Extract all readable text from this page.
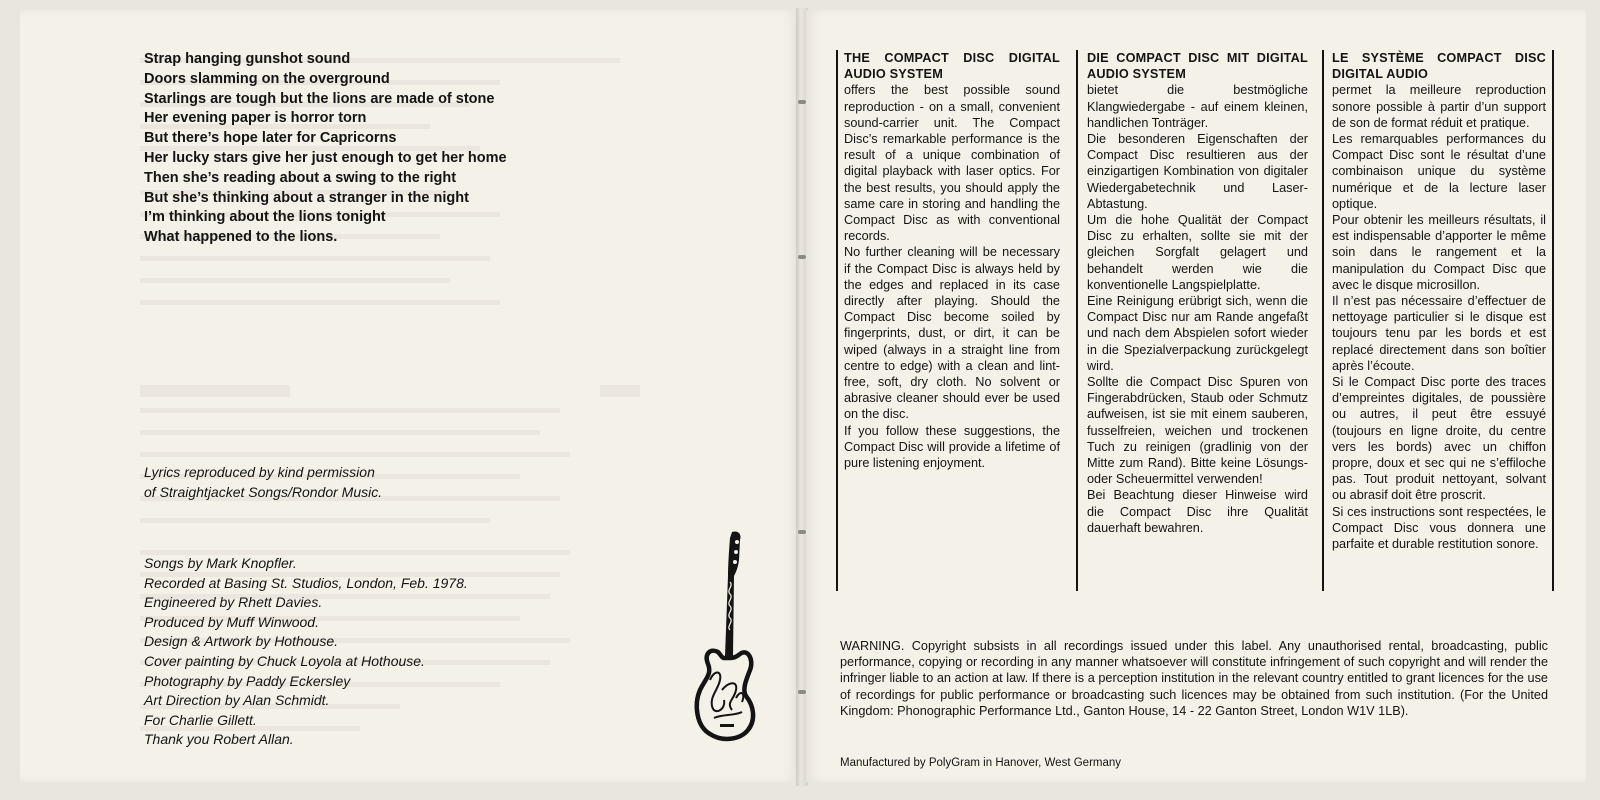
Strap hanging gunshot sound
Doors slamming on the overground
Starlings are tough but the lions are made of stone
Her evening paper is horror torn
But there’s hope later for Capricorns
Her lucky stars give her just enough to get her home
Then she’s reading about a swing to the right
But she’s thinking about a stranger in the night
I’m thinking about the lions tonight
What happened to the lions.
Lyrics reproduced by kind permission
of Straightjacket Songs/Rondor Music.
Songs by Mark Knopfler.
Recorded at Basing St. Studios, London, Feb. 1978.
Engineered by Rhett Davies.
Produced by Muff Winwood.
Design & Artwork by Hothouse.
Cover painting by Chuck Loyola at Hothouse.
Photography by Paddy Eckersley
Art Direction by Alan Schmidt.
For Charlie Gillett.
Thank you Robert Allan.
THE COMPACT DISC DIGITAL AUDIO SYSTEM

offers the best possible sound reproduction - on a small, convenient sound-carrier unit. The Compact Disc’s remarkable performance is the result of a unique combination of digital playback with laser optics. For the best results, you should apply the same care in storing and handling the Compact Disc as with conventional records.

No further cleaning will be necessary if the Compact Disc is always held by the edges and replaced in its case directly after playing. Should the Compact Disc become soiled by fingerprints, dust, or dirt, it can be wiped (always in a straight line from centre to edge) with a clean and lint-free, soft, dry cloth. No solvent or abrasive cleaner should ever be used on the disc.

If you follow these suggestions, the Compact Disc will provide a lifetime of pure listening enjoyment.

DIE COMPACT DISC MIT DIGITAL AUDIO SYSTEM

bietet die bestmögliche Klangwiedergabe - auf einem kleinen, handlichen Tonträger.

Die besonderen Eigenschaften der Compact Disc resultieren aus der einzigartigen Kombination von digitaler Wiedergabetechnik und Laser-Abtastung.

Um die hohe Qualität der Compact Disc zu erhalten, sollte sie mit der gleichen Sorgfalt gelagert und behandelt werden wie die konventionelle Langspielplatte.

Eine Reinigung erübrigt sich, wenn die Compact Disc nur am Rande angefaßt und nach dem Abspielen sofort wieder in die Spezialverpackung zurückgelegt wird.

Sollte die Compact Disc Spuren von Fingerabdrücken, Staub oder Schmutz aufweisen, ist sie mit einem sauberen, fusselfreien, weichen und trockenen Tuch zu reinigen (gradlinig von der Mitte zum Rand). Bitte keine Lösungs- oder Scheuermittel verwenden!

Bei Beachtung dieser Hinweise wird die Compact Disc ihre Qualität dauerhaft bewahren.

LE SYSTÈME COMPACT DISC DIGITAL AUDIO

permet la meilleure reproduction sonore possible à partir d’un support de son de format réduit et pratique.

Les remarquables performances du Compact Disc sont le résultat d’une combinaison unique du système numérique et de la lecture laser optique.

Pour obtenir les meilleurs résultats, il est indispensable d’apporter le même soin dans le rangement et la manipulation du Compact Disc que avec le disque microsillon.

Il n’est pas nécessaire d’effectuer de nettoyage particulier si le disque est toujours tenu par les bords et est replacé directement dans son boîtier après l’écoute.

Si le Compact Disc porte des traces d’empreintes digitales, de poussière ou autres, il peut être essuyé (toujours en ligne droite, du centre vers les bords) avec un chiffon propre, doux et sec qui ne s’effiloche pas. Tout produit nettoyant, solvant ou abrasif doit être proscrit.

Si ces instructions sont respectées, le Compact Disc vous donnera une parfaite et durable restitution sonore.

WARNING. Copyright subsists in all recordings issued under this label. Any unauthorised rental, broadcasting, public performance, copying or recording in any manner whatsoever will constitute infringement of such copyright and will render the infringer liable to an action at law. If there is a perception institution in the relevant country entitled to grant licences for the use of recordings for public performance or broadcasting such licences may be obtained from such institution. (For the United Kingdom: Phonographic Performance Ltd., Ganton House, 14 - 22 Ganton Street, London W1V 1LB).
Manufactured by PolyGram in Hanover, West Germany
